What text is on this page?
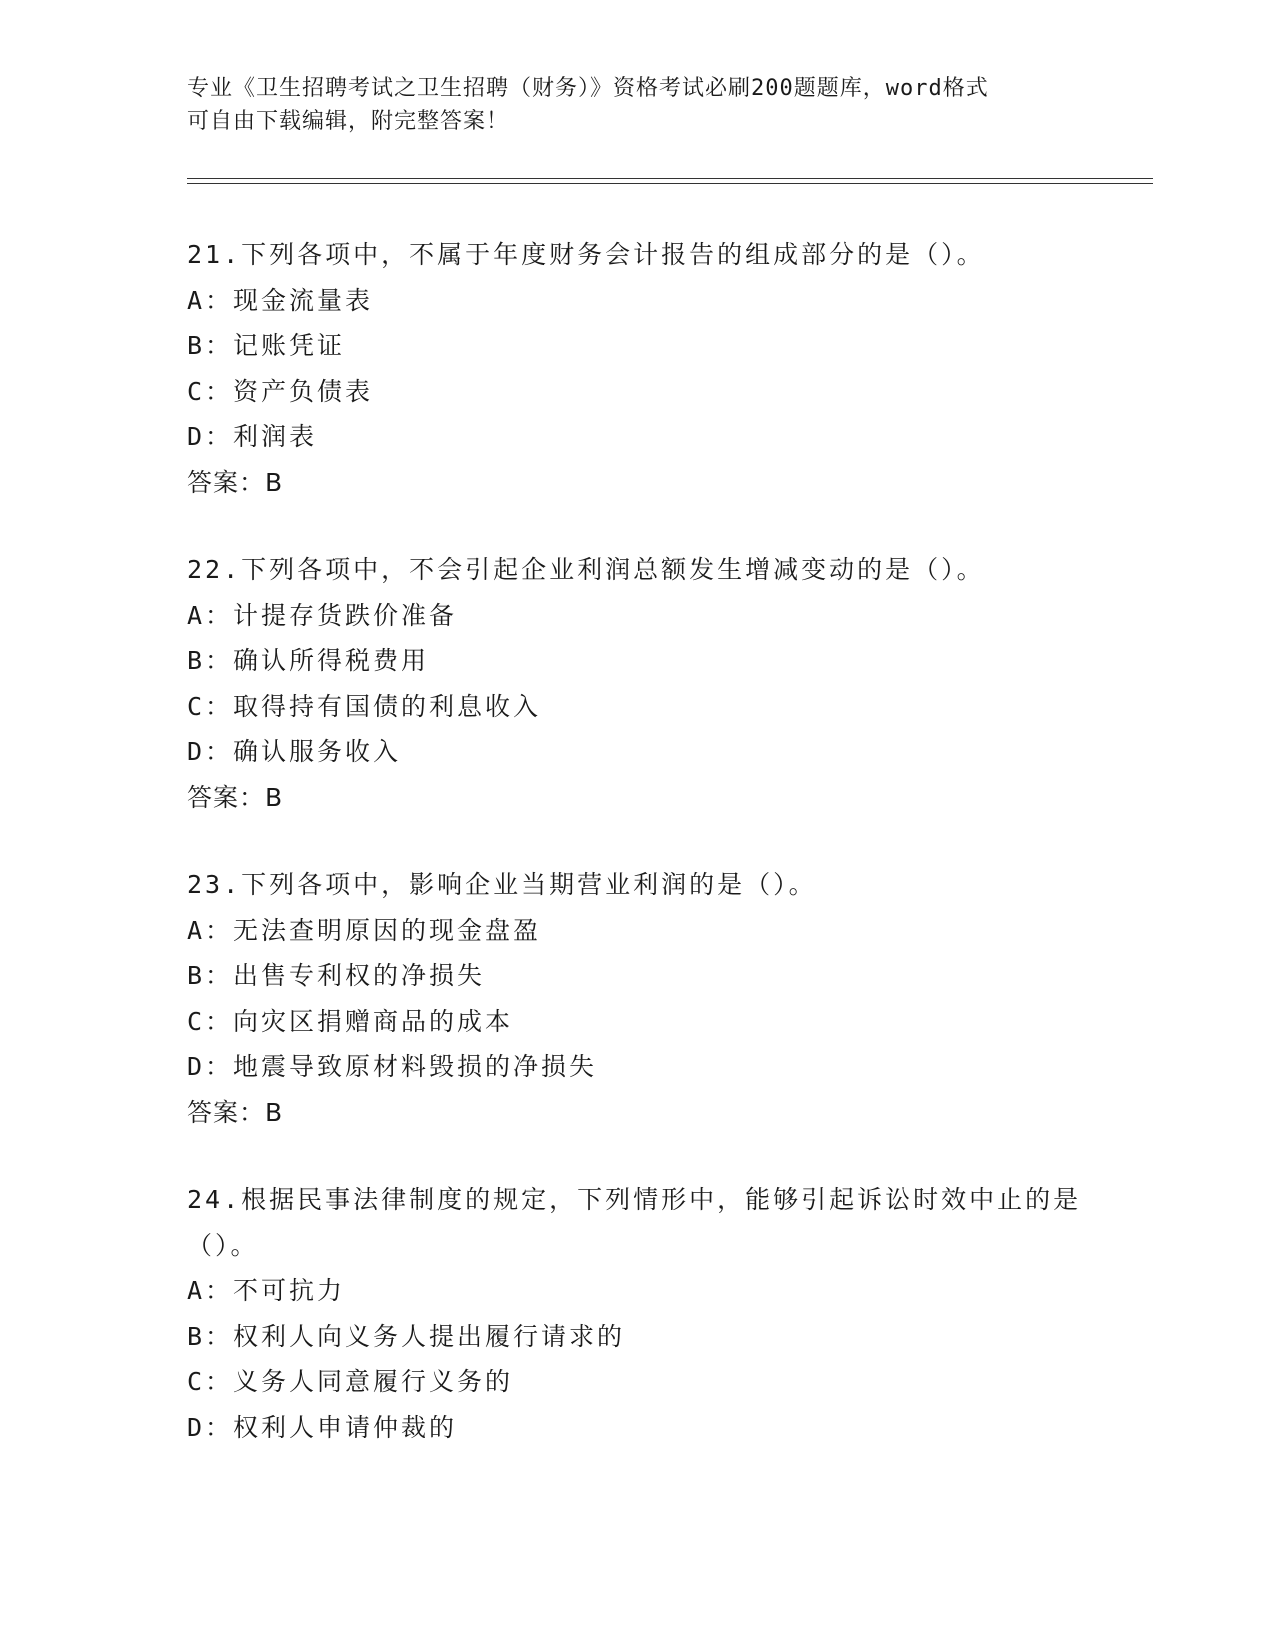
专业《卫生招聘考试之卫生招聘（财务）》资格考试必刷200题题库，word格式
可自由下载编辑，附完整答案！
21.下列各项中，不属于年度财务会计报告的组成部分的是（）。
A：现金流量表
B：记账凭证
C：资产负债表
D：利润表
答案：B
22.下列各项中，不会引起企业利润总额发生增减变动的是（）。
A：计提存货跌价准备
B：确认所得税费用
C：取得持有国债的利息收入
D：确认服务收入
答案：B
23.下列各项中，影响企业当期营业利润的是（）。
A：无法查明原因的现金盘盈
B：出售专利权的净损失
C：向灾区捐赠商品的成本
D：地震导致原材料毁损的净损失
答案：B
24.根据民事法律制度的规定，下列情形中，能够引起诉讼时效中止的是（）。
A：不可抗力
B：权利人向义务人提出履行请求的
C：义务人同意履行义务的
D：权利人申请仲裁的
